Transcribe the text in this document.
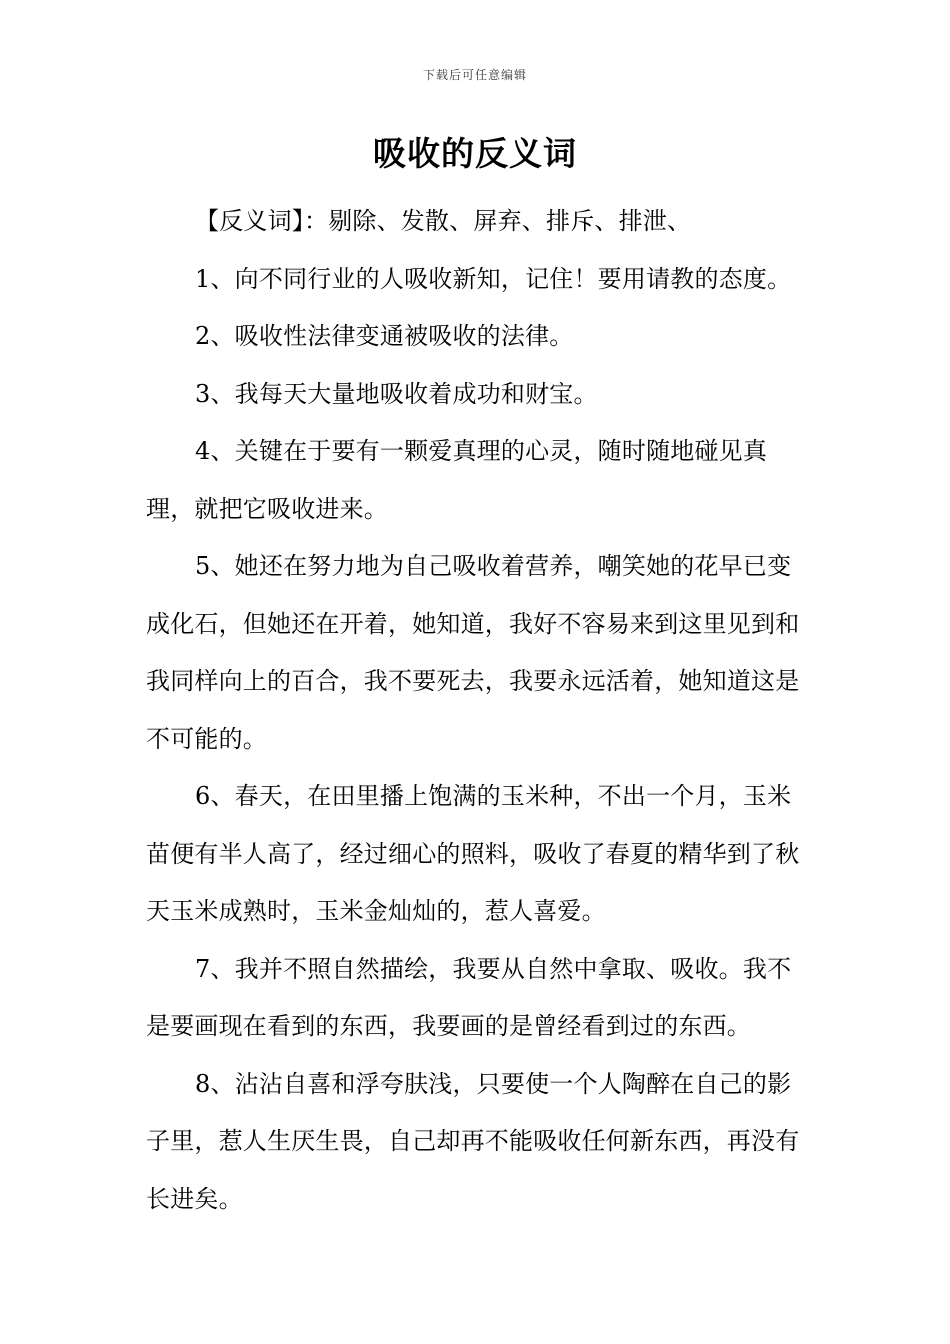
下载后可任意编辑
吸收的反义词

【反义词】：剔除、发散、屏弃、排斥、排泄、

1、向不同行业的人吸收新知，记住！要用请教的态度。

2、吸收性法律变通被吸收的法律。

3、我每天大量地吸收着成功和财宝。

4、关键在于要有一颗爱真理的心灵，随时随地碰见真理，就把它吸收进来。

5、她还在努力地为自己吸收着营养，嘲笑她的花早已变成化石，但她还在开着，她知道，我好不容易来到这里见到和我同样向上的百合，我不要死去，我要永远活着，她知道这是不可能的。

6、春天，在田里播上饱满的玉米种，不出一个月，玉米苗便有半人高了，经过细心的照料，吸收了春夏的精华到了秋天玉米成熟时，玉米金灿灿的，惹人喜爱。

7、我并不照自然描绘，我要从自然中拿取、吸收。我不是要画现在看到的东西，我要画的是曾经看到过的东西。

8、沾沾自喜和浮夸肤浅，只要使一个人陶醉在自己的影子里，惹人生厌生畏，自己却再不能吸收任何新东西，再没有长进矣。
